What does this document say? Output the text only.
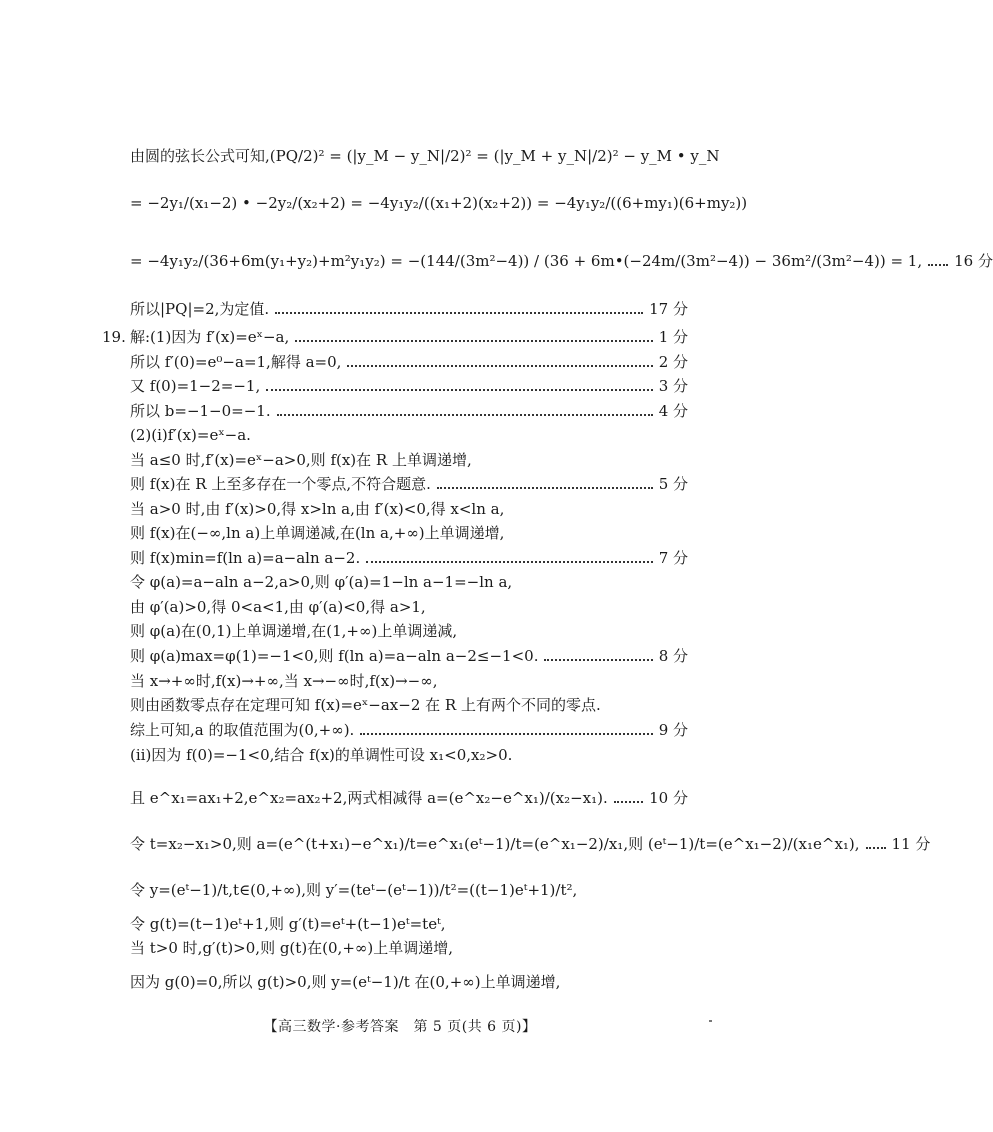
由圆的弦长公式可知,(PQ/2)² = (|y_M − y_N|/2)² = (|y_M + y_N|/2)² − y_M • y_N
= −2y₁/(x₁−2) • −2y₂/(x₂+2) = −4y₁y₂/((x₁+2)(x₂+2)) = −4y₁y₂/((6+my₁)(6+my₂))
= −4y₁y₂/(36+6m(y₁+y₂)+m²y₁y₂) = −(144/(3m²−4)) / (36 + 6m•(−24m/(3m²−4)) − 36m²/(3m²−4)) = 1, 16 分
所以|PQ|=2,为定值.	17 分
19. 解:(1)因为 f′(x)=eˣ−a,	1 分
所以 f′(0)=e⁰−a=1,解得 a=0,	2 分
又 f(0)=1−2=−1,	3 分
所以 b=−1−0=−1.	4 分
(2)(ⅰ)f′(x)=eˣ−a.
当 a≤0 时,f′(x)=eˣ−a>0,则 f(x)在 R 上单调递增,
则 f(x)在 R 上至多存在一个零点,不符合题意.	5 分
当 a>0 时,由 f′(x)>0,得 x>ln a,由 f′(x)<0,得 x<ln a,
则 f(x)在(−∞,ln a)上单调递减,在(ln a,+∞)上单调递增,
则 f(x)min=f(ln a)=a−aln a−2.	7 分
令 φ(a)=a−aln a−2,a>0,则 φ′(a)=1−ln a−1=−ln a,
由 φ′(a)>0,得 0<a<1,由 φ′(a)<0,得 a>1,
则 φ(a)在(0,1)上单调递增,在(1,+∞)上单调递减,
则 φ(a)max=φ(1)=−1<0,则 f(ln a)=a−aln a−2≤−1<0.	8 分
当 x→+∞时,f(x)→+∞,当 x→−∞时,f(x)→−∞,
则由函数零点存在定理可知 f(x)=eˣ−ax−2 在 R 上有两个不同的零点.
综上可知,a 的取值范围为(0,+∞).	9 分
(ⅱ)因为 f(0)=−1<0,结合 f(x)的单调性可设 x₁<0,x₂>0.
且 e^x₁=ax₁+2,e^x₂=ax₂+2,两式相减得 a=(e^x₂−e^x₁)/(x₂−x₁).	10 分
令 t=x₂−x₁>0,则 a=(e^(t+x₁)−e^x₁)/t=e^x₁(eᵗ−1)/t=(e^x₁−2)/x₁,则 (eᵗ−1)/t=(e^x₁−2)/(x₁e^x₁), 11 分
令 y=(eᵗ−1)/t,t∈(0,+∞),则 y′=(teᵗ−(eᵗ−1))/t²=((t−1)eᵗ+1)/t²,
令 g(t)=(t−1)eᵗ+1,则 g′(t)=eᵗ+(t−1)eᵗ=teᵗ,
当 t>0 时,g′(t)>0,则 g(t)在(0,+∞)上单调递增,
因为 g(0)=0,所以 g(t)>0,则 y=(eᵗ−1)/t 在(0,+∞)上单调递增,
【高三数学·参考答案　第 5 页(共 6 页)】
